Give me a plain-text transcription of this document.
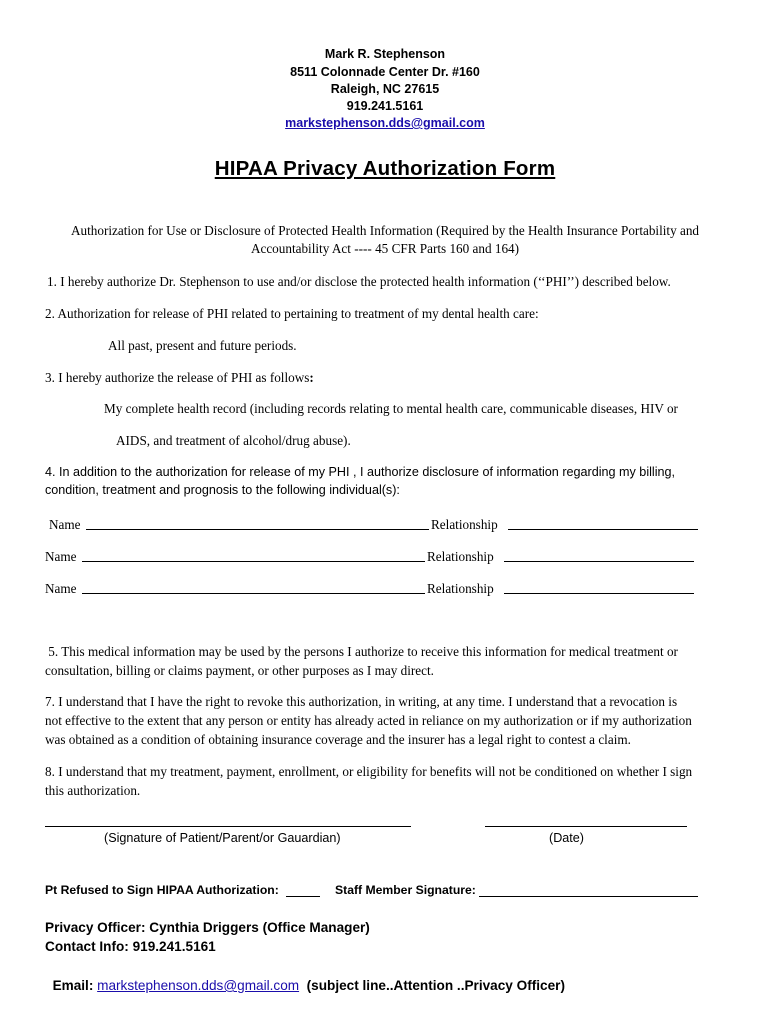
Mark R. Stephenson
8511 Colonnade Center Dr. #160
Raleigh, NC 27615
919.241.5161
markstephenson.dds@gmail.com
HIPAA Privacy Authorization Form
Authorization for Use or Disclosure of Protected Health Information (Required by the Health Insurance Portability and
Accountability Act ---- 45 CFR Parts 160 and 164)
1. I hereby authorize Dr. Stephenson to use and/or disclose the protected health information (‘‘PHI’’) described below.
2. Authorization for release of PHI related to pertaining to treatment of my dental health care:
All past, present and future periods.
3. I hereby authorize the release of PHI as follows:
My complete health record (including records relating to mental health care, communicable diseases, HIV or
AIDS, and treatment of alcohol/drug abuse).
4. In addition to the authorization for release of my PHI , I authorize disclosure of information regarding my billing,
condition, treatment and prognosis to the following individual(s):
Name	Relationship
Name	Relationship
Name	Relationship
5. This medical information may be used by the persons I authorize to receive this information for medical treatment or
consultation, billing or claims payment, or other purposes as I may direct.
7. I understand that I have the right to revoke this authorization, in writing, at any time. I understand that a revocation is
not effective to the extent that any person or entity has already acted in reliance on my authorization or if my authorization
was obtained as a condition of obtaining insurance coverage and the insurer has a legal right to contest a claim.
8. I understand that my treatment, payment, enrollment, or eligibility for benefits will not be conditioned on whether I sign
this authorization.
(Signature of Patient/Parent/or Gauardian)	(Date)
Pt Refused to Sign HIPAA Authorization:	Staff Member Signature:
Privacy Officer: Cynthia Driggers (Office Manager)
Contact Info: 919.241.5161

Email: markstephenson.dds@gmail.com (subject line..Attention ..Privacy Officer)
